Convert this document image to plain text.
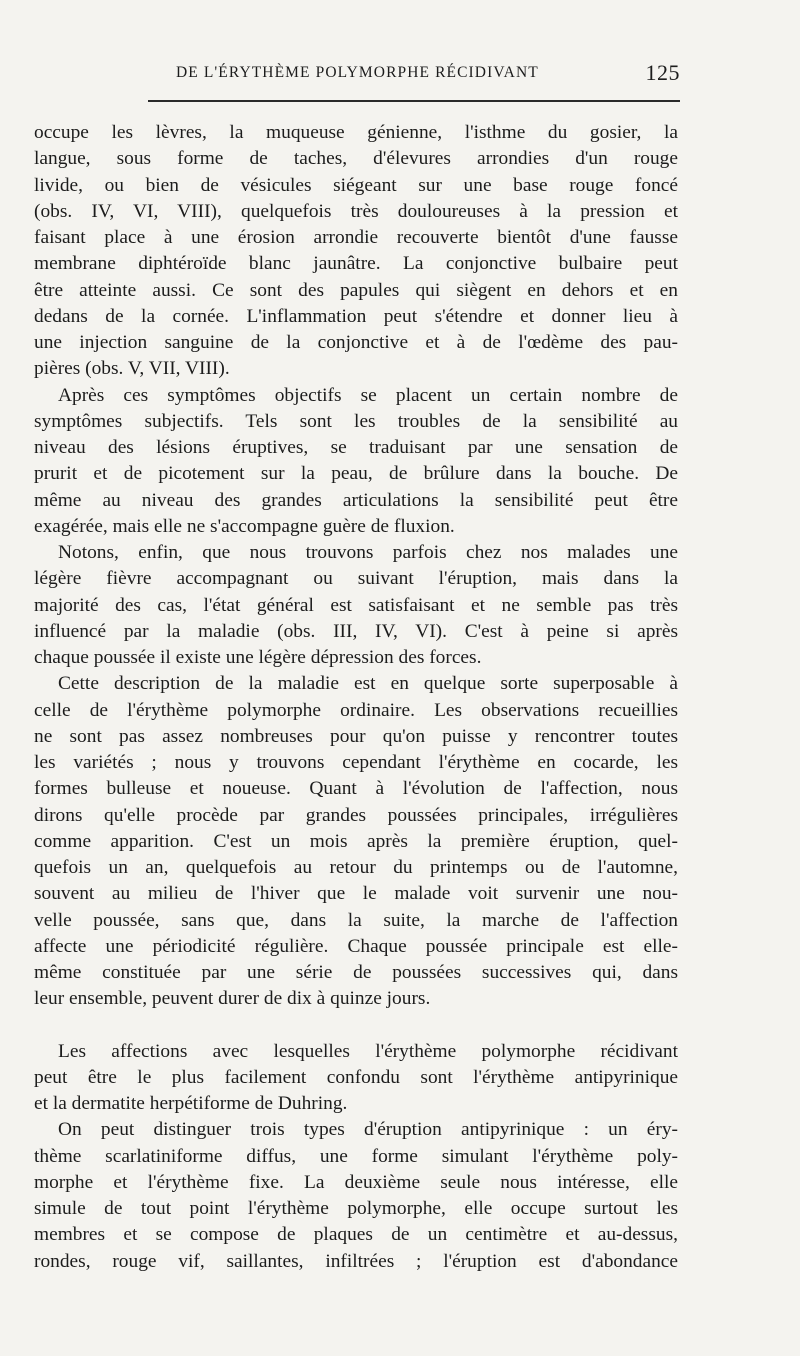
DE L'ÉRYTHÈME POLYMORPHE RÉCIDIVANT	125
occupe les lèvres, la muqueuse génienne, l'isthme du gosier, la
langue, sous forme de taches, d'élevures arrondies d'un rouge
livide, ou bien de vésicules siégeant sur une base rouge foncé
(obs. IV, VI, VIII), quelquefois très douloureuses à la pression et
faisant place à une érosion arrondie recouverte bientôt d'une fausse
membrane diphtéroïde blanc jaunâtre. La conjonctive bulbaire peut
être atteinte aussi. Ce sont des papules qui siègent en dehors et en
dedans de la cornée. L'inflammation peut s'étendre et donner lieu à
une injection sanguine de la conjonctive et à de l'œdème des pau-
pières (obs. V, VII, VIII).
Après ces symptômes objectifs se placent un certain nombre de
symptômes subjectifs. Tels sont les troubles de la sensibilité au
niveau des lésions éruptives, se traduisant par une sensation de
prurit et de picotement sur la peau, de brûlure dans la bouche. De
même au niveau des grandes articulations la sensibilité peut être
exagérée, mais elle ne s'accompagne guère de fluxion.
Notons, enfin, que nous trouvons parfois chez nos malades une
légère fièvre accompagnant ou suivant l'éruption, mais dans la
majorité des cas, l'état général est satisfaisant et ne semble pas très
influencé par la maladie (obs. III, IV, VI). C'est à peine si après
chaque poussée il existe une légère dépression des forces.
Cette description de la maladie est en quelque sorte superposable à
celle de l'érythème polymorphe ordinaire. Les observations recueillies
ne sont pas assez nombreuses pour qu'on puisse y rencontrer toutes
les variétés ; nous y trouvons cependant l'érythème en cocarde, les
formes bulleuse et noueuse. Quant à l'évolution de l'affection, nous
dirons qu'elle procède par grandes poussées principales, irrégulières
comme apparition. C'est un mois après la première éruption, quel-
quefois un an, quelquefois au retour du printemps ou de l'automne,
souvent au milieu de l'hiver que le malade voit survenir une nou-
velle poussée, sans que, dans la suite, la marche de l'affection
affecte une périodicité régulière. Chaque poussée principale est elle-
même constituée par une série de poussées successives qui, dans
leur ensemble, peuvent durer de dix à quinze jours.
Les affections avec lesquelles l'érythème polymorphe récidivant
peut être le plus facilement confondu sont l'érythème antipyrinique
et la dermatite herpétiforme de Duhring.
On peut distinguer trois types d'éruption antipyrinique : un éry-
thème scarlatiniforme diffus, une forme simulant l'érythème poly-
morphe et l'érythème fixe. La deuxième seule nous intéresse, elle
simule de tout point l'érythème polymorphe, elle occupe surtout les
membres et se compose de plaques de un centimètre et au-dessus,
rondes, rouge vif, saillantes, infiltrées ; l'éruption est d'abondance
